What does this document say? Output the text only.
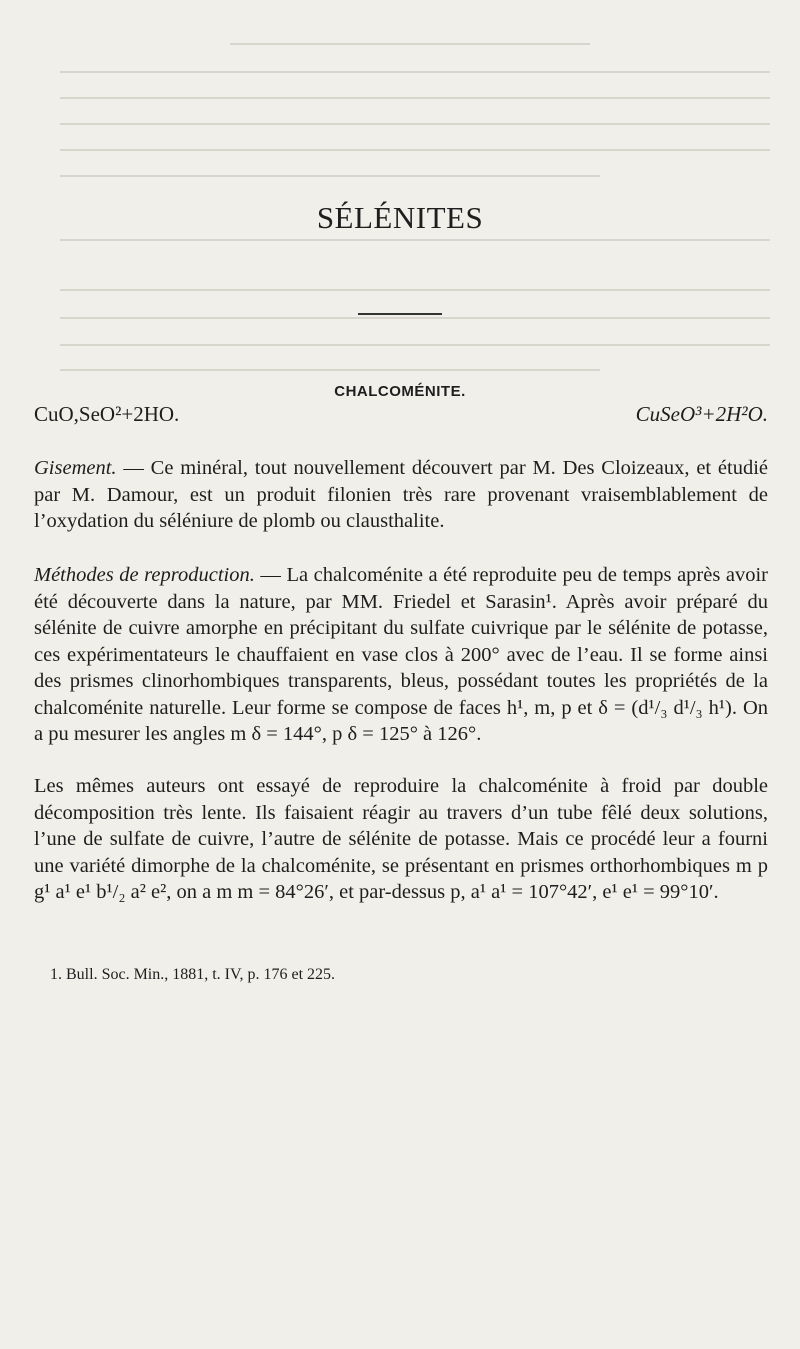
SÉLÉNITES
CHALCOMÉNITE.
CuO,SeO²+2HO.	CuSeO³+2H²O.
Gisement. — Ce minéral, tout nouvellement découvert par M. Des Cloizeaux, et étudié par M. Damour, est un produit filonien très rare provenant vraisemblablement de l’oxydation du séléniure de plomb ou clausthalite.
Méthodes de reproduction. — La chalcoménite a été reproduite peu de temps après avoir été découverte dans la nature, par MM. Friedel et Sarasin¹. Après avoir préparé du sélénite de cuivre amorphe en précipitant du sulfate cuivrique par le sélénite de potasse, ces expérimentateurs le chauffaient en vase clos à 200° avec de l’eau. Il se forme ainsi des prismes clinorhombiques transparents, bleus, possédant toutes les propriétés de la chalcoménite naturelle. Leur forme se compose de faces h¹, m, p et δ = (d¹/₃ d¹/₃ h¹). On a pu mesurer les angles m δ = 144°, p δ = 125° à 126°.
Les mêmes auteurs ont essayé de reproduire la chalcoménite à froid par double décomposition très lente. Ils faisaient réagir au travers d’un tube fêlé deux solutions, l’une de sulfate de cuivre, l’autre de sélénite de potasse. Mais ce procédé leur a fourni une variété dimorphe de la chalcoménite, se présentant en prismes orthorhombiques m p g¹ a¹ e¹ b¹/₂ a² e², on a m m = 84°26′, et par-dessus p, a¹ a¹ = 107°42′, e¹ e¹ = 99°10′.
1. Bull. Soc. Min., 1881, t. IV, p. 176 et 225.
